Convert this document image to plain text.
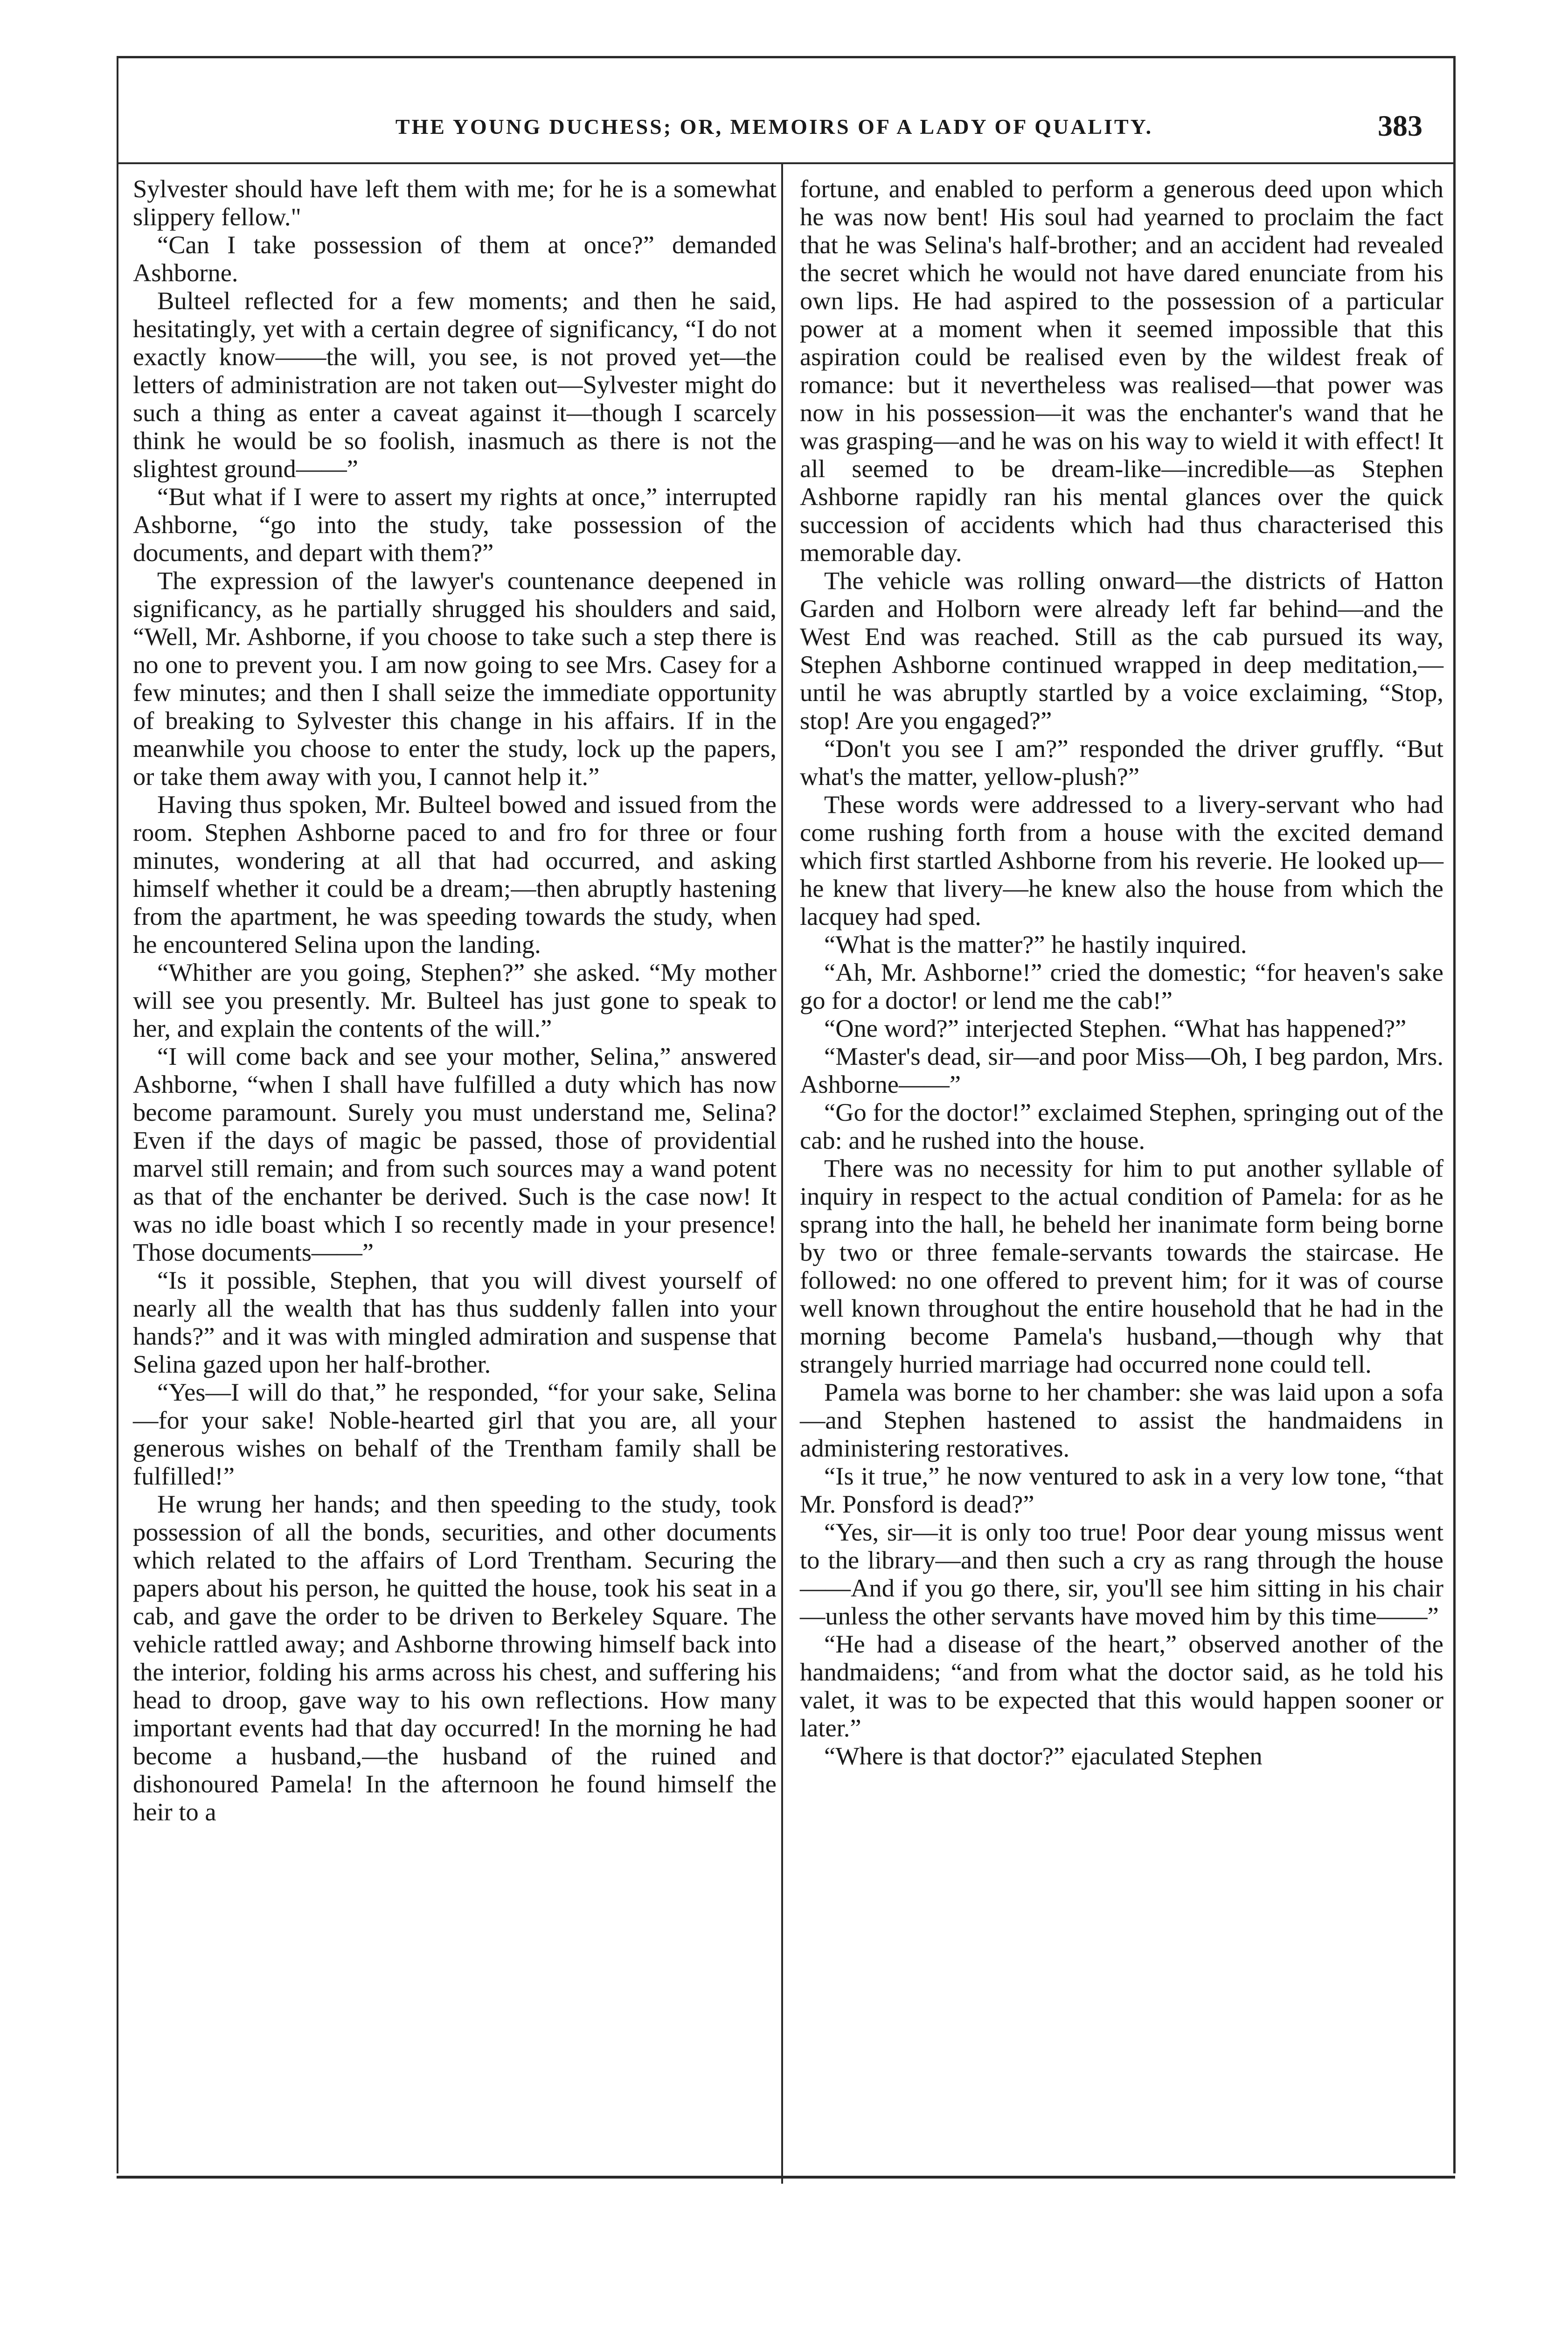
THE YOUNG DUCHESS; OR, MEMOIRS OF A LADY OF QUALITY.	383

Sylvester should have left them with me; for he is a somewhat slippery fellow."

“Can I take possession of them at once?” demanded Ashborne.

Bulteel reflected for a few moments; and then he said, hesitatingly, yet with a certain degree of significancy, “I do not exactly know——the will, you see, is not proved yet—the letters of administration are not taken out—Sylvester might do such a thing as enter a caveat against it—though I scarcely think he would be so foolish, inasmuch as there is not the slightest ground——”

“But what if I were to assert my rights at once,” interrupted Ashborne, “go into the study, take possession of the documents, and depart with them?”

The expression of the lawyer's countenance deepened in significancy, as he partially shrugged his shoulders and said, “Well, Mr. Ashborne, if you choose to take such a step there is no one to prevent you. I am now going to see Mrs. Casey for a few minutes; and then I shall seize the immediate opportunity of breaking to Sylvester this change in his affairs. If in the meanwhile you choose to enter the study, lock up the papers, or take them away with you, I cannot help it.”

Having thus spoken, Mr. Bulteel bowed and issued from the room. Stephen Ashborne paced to and fro for three or four minutes, wondering at all that had occurred, and asking himself whether it could be a dream;—then abruptly hastening from the apartment, he was speeding towards the study, when he encountered Selina upon the landing.

“Whither are you going, Stephen?” she asked. “My mother will see you presently. Mr. Bulteel has just gone to speak to her, and explain the contents of the will.”

“I will come back and see your mother, Selina,” answered Ashborne, “when I shall have fulfilled a duty which has now become paramount. Surely you must understand me, Selina? Even if the days of magic be passed, those of providential marvel still remain; and from such sources may a wand potent as that of the enchanter be derived. Such is the case now! It was no idle boast which I so recently made in your presence! Those documents——”

“Is it possible, Stephen, that you will divest yourself of nearly all the wealth that has thus suddenly fallen into your hands?” and it was with mingled admiration and suspense that Selina gazed upon her half-brother.

“Yes—I will do that,” he responded, “for your sake, Selina—for your sake! Noble-hearted girl that you are, all your generous wishes on behalf of the Trentham family shall be fulfilled!”

He wrung her hands; and then speeding to the study, took possession of all the bonds, securities, and other documents which related to the affairs of Lord Trentham. Securing the papers about his person, he quitted the house, took his seat in a cab, and gave the order to be driven to Berkeley Square. The vehicle rattled away; and Ashborne throwing himself back into the interior, folding his arms across his chest, and suffering his head to droop, gave way to his own reflections. How many important events had that day occurred! In the morning he had become a husband,—the husband of the ruined and dishonoured Pamela! In the afternoon he found himself the heir to a

fortune, and enabled to perform a generous deed upon which he was now bent! His soul had yearned to proclaim the fact that he was Selina's half-brother; and an accident had revealed the secret which he would not have dared enunciate from his own lips. He had aspired to the possession of a particular power at a moment when it seemed impossible that this aspiration could be realised even by the wildest freak of romance: but it nevertheless was realised—that power was now in his possession—it was the enchanter's wand that he was grasping—and he was on his way to wield it with effect! It all seemed to be dream-like—incredible—as Stephen Ashborne rapidly ran his mental glances over the quick succession of accidents which had thus characterised this memorable day.

The vehicle was rolling onward—the districts of Hatton Garden and Holborn were already left far behind—and the West End was reached. Still as the cab pursued its way, Stephen Ashborne continued wrapped in deep meditation,—until he was abruptly startled by a voice exclaiming, “Stop, stop! Are you engaged?”

“Don't you see I am?” responded the driver gruffly. “But what's the matter, yellow-plush?”

These words were addressed to a livery-servant who had come rushing forth from a house with the excited demand which first startled Ashborne from his reverie. He looked up—he knew that livery—he knew also the house from which the lacquey had sped.

“What is the matter?” he hastily inquired.

“Ah, Mr. Ashborne!” cried the domestic; “for heaven's sake go for a doctor! or lend me the cab!”

“One word?” interjected Stephen. “What has happened?”

“Master's dead, sir—and poor Miss—Oh, I beg pardon, Mrs. Ashborne——”

“Go for the doctor!” exclaimed Stephen, springing out of the cab: and he rushed into the house.

There was no necessity for him to put another syllable of inquiry in respect to the actual condition of Pamela: for as he sprang into the hall, he beheld her inanimate form being borne by two or three female-servants towards the staircase. He followed: no one offered to prevent him; for it was of course well known throughout the entire household that he had in the morning become Pamela's husband,—though why that strangely hurried marriage had occurred none could tell.

Pamela was borne to her chamber: she was laid upon a sofa—and Stephen hastened to assist the handmaidens in administering restoratives.

“Is it true,” he now ventured to ask in a very low tone, “that Mr. Ponsford is dead?”

“Yes, sir—it is only too true! Poor dear young missus went to the library—and then such a cry as rang through the house——And if you go there, sir, you'll see him sitting in his chair—unless the other servants have moved him by this time——”

“He had a disease of the heart,” observed another of the handmaidens; “and from what the doctor said, as he told his valet, it was to be expected that this would happen sooner or later.”

“Where is that doctor?” ejaculated Stephen
